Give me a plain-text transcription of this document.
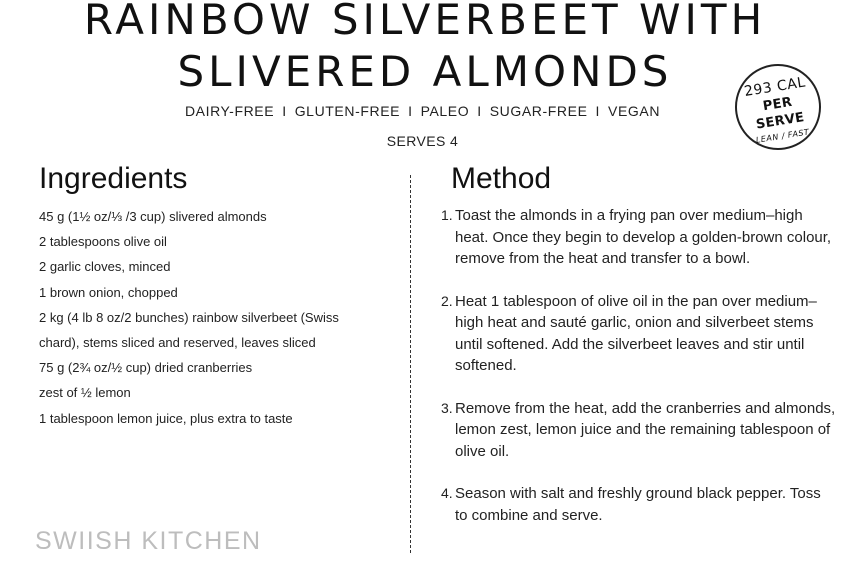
RAINBOW SILVERBEET WITH
SLIVERED ALMONDS
DAIRY-FREE I GLUTEN-FREE I PALEO I SUGAR-FREE I VEGAN
SERVES 4
293 CAL
PER SERVE
LEAN / FAST
Ingredients
45 g (1½ oz/⅓ /3 cup) slivered almonds
2 tablespoons olive oil
2 garlic cloves, minced
1 brown onion, chopped
2 kg (4 lb 8 oz/2 bunches) rainbow silverbeet (Swiss
chard), stems sliced and reserved, leaves sliced
75 g (2¾ oz/½ cup) dried cranberries
zest of ½ lemon
1 tablespoon lemon juice, plus extra to taste
Method
1. Toast the almonds in a frying pan over medium–high heat. Once they begin to develop a golden-brown colour, remove from the heat and transfer to a bowl.
2. Heat 1 tablespoon of olive oil in the pan over medium–high heat and sauté garlic, onion and silverbeet stems until softened. Add the silverbeet leaves and stir until softened.
3. Remove from the heat, add the cranberries and almonds, lemon zest, lemon juice and the remaining tablespoon of olive oil.
4. Season with salt and freshly ground black pepper. Toss to combine and serve.
SWIISH KITCHEN
